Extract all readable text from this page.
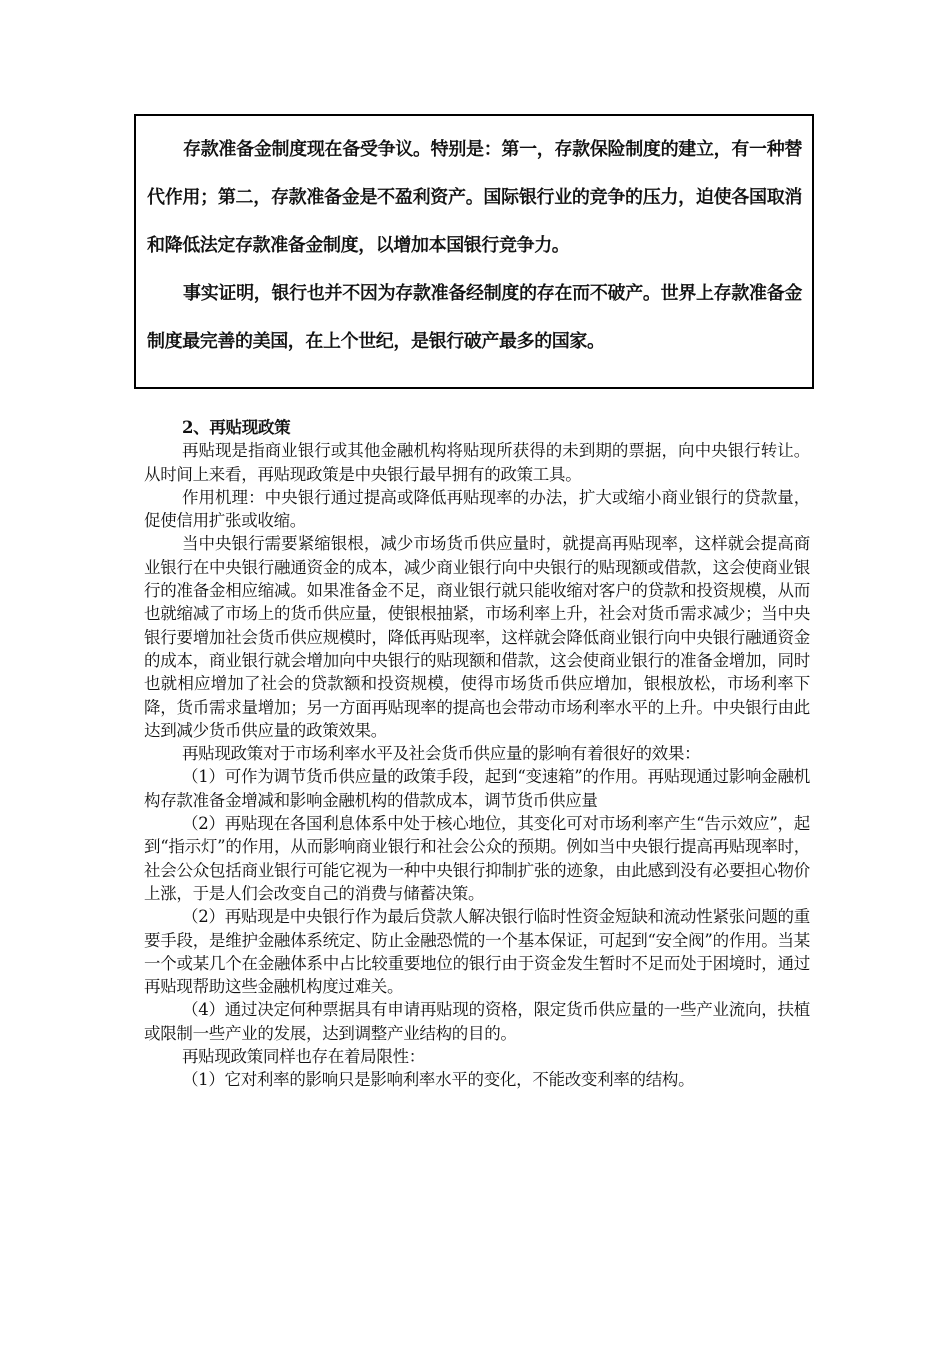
存款准备金制度现在备受争议。特别是：第一，存款保险制度的建立，有一种替代作用；第二，存款准备金是不盈利资产。国际银行业的竞争的压力，迫使各国取消和降低法定存款准备金制度，以增加本国银行竞争力。

事实证明，银行也并不因为存款准备经制度的存在而不破产。世界上存款准备金制度最完善的美国，在上个世纪，是银行破产最多的国家。

2、再贴现政策

再贴现是指商业银行或其他金融机构将贴现所获得的未到期的票据，向中央银行转让。从时间上来看，再贴现政策是中央银行最早拥有的政策工具。

作用机理：中央银行通过提高或降低再贴现率的办法，扩大或缩小商业银行的贷款量，促使信用扩张或收缩。

当中央银行需要紧缩银根，减少市场货币供应量时，就提高再贴现率，这样就会提高商业银行在中央银行融通资金的成本，减少商业银行向中央银行的贴现额或借款，这会使商业银行的准备金相应缩减。如果准备金不足，商业银行就只能收缩对客户的贷款和投资规模，从而也就缩减了市场上的货币供应量，使银根抽紧，市场利率上升，社会对货币需求减少；当中央银行要增加社会货币供应规模时，降低再贴现率，这样就会降低商业银行向中央银行融通资金的成本，商业银行就会增加向中央银行的贴现额和借款，这会使商业银行的准备金增加，同时也就相应增加了社会的贷款额和投资规模，使得市场货币供应增加，银根放松，市场利率下降，货币需求量增加；另一方面再贴现率的提高也会带动市场利率水平的上升。中央银行由此达到减少货币供应量的政策效果。

再贴现政策对于市场利率水平及社会货币供应量的影响有着很好的效果：

（1）可作为调节货币供应量的政策手段，起到“变速箱”的作用。再贴现通过影响金融机构存款准备金增减和影响金融机构的借款成本，调节货币供应量

（2）再贴现在各国利息体系中处于核心地位，其变化可对市场利率产生“告示效应”，起到“指示灯”的作用，从而影响商业银行和社会公众的预期。例如当中央银行提高再贴现率时，社会公众包括商业银行可能它视为一种中央银行抑制扩张的迹象，由此感到没有必要担心物价上涨，于是人们会改变自己的消费与储蓄决策。

（2）再贴现是中央银行作为最后贷款人解决银行临时性资金短缺和流动性紧张问题的重要手段，是维护金融体系统定、防止金融恐慌的一个基本保证，可起到“安全阀”的作用。当某一个或某几个在金融体系中占比较重要地位的银行由于资金发生暂时不足而处于困境时，通过再贴现帮助这些金融机构度过难关。

（4）通过决定何种票据具有申请再贴现的资格，限定货币供应量的一些产业流向，扶植或限制一些产业的发展，达到调整产业结构的目的。

再贴现政策同样也存在着局限性：

（1）它对利率的影响只是影响利率水平的变化，不能改变利率的结构。
